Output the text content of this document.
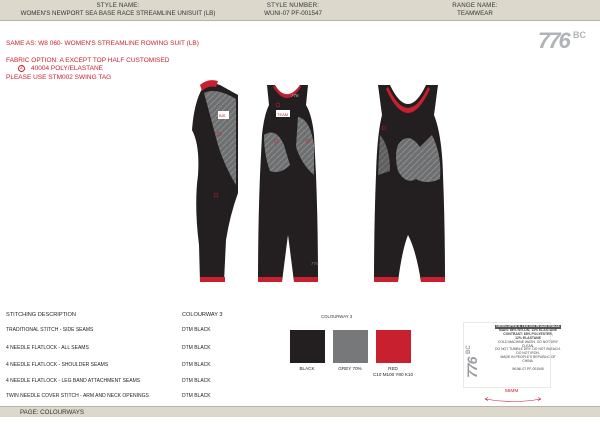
STYLE NAME:
WOMEN'S NEWPORT SEA BASE RACE STREAMLINE UNISUIT (LB)
STYLE NUMBER:
WUNI-07 PF-001547
RANGE NAME:
TEAMWEAR
776 BC
SAME AS: W8 060- WOMEN'S STREAMLINE ROWING SUIT (LB)
FABRIC OPTION: A EXCEPT TOP HALF CUSTOMISED
2 40004 POLY/ELASTANE
PLEASE USE STM002 SWING TAG
BIS	TEAM
776
776
STITCHING DESCRIPTION	COLOURWAY 3
TRADITIONAL STITCH - SIDE SEAMS	DTM BLACK
4 NEEDLE FLATLOCK - ALL SEAMS	DTM BLACK
4 NEEDLE FLATLOCK - SHOULDER SEAMS	DTM BLACK
4 NEEDLE FLATLOCK - LEG BAND ATTACHMENT SEAMS	DTM BLACK
TWIN NEEDLE COVER STITCH - ARM AND NECK OPENINGS	DTM BLACK
COLOURWAY 3
BLACK	GREY 70%	RED
C10 M100 Y80 K10	776
BC
DEVELOPED & TESTED IN AUSTRALIA
MAIN: 86% NYLON, 14% ELASTANE
CONTRAST: 88% POLYESTER,
12% ELASTANE
COLD MACHINE WASH. DO NOT DRY CLEAN.
DO NOT TUMBLE DRY. DO NOT BLEACH.
DO NOT IRON.
MADE IN PEOPLE'S REPUBLIC OF CHINA.
WUNI-07 PF-001545
55MM
PAGE: COLOURWAYS
